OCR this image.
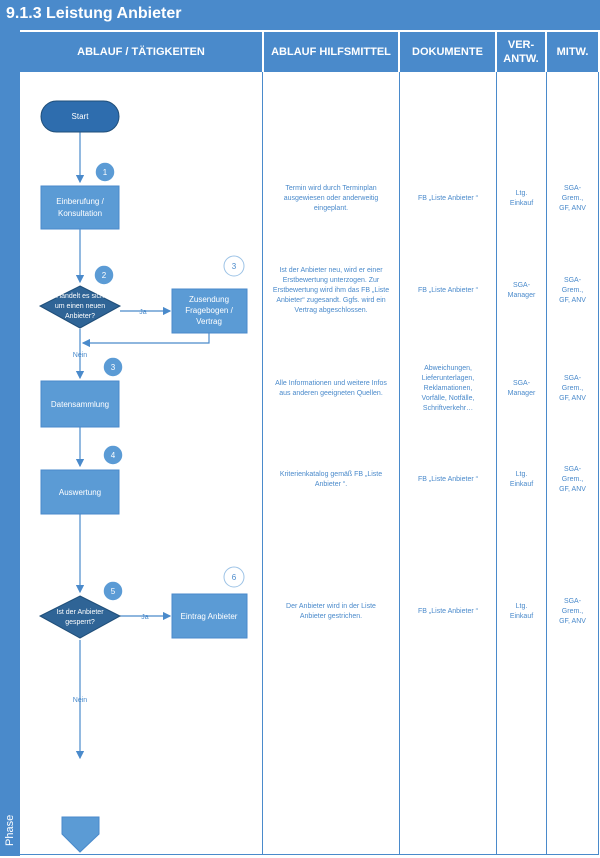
9.1.3 Leistung Anbieter
Phase
ABLAUF / TÄTIGKEITEN	ABLAUF HILFSMITTEL DOKUMENTE
VER-
ANTW.
MITW.
Start
Einberufung /
Konsultation
1
Handelt es sich
um einen neuen
Anbieter?
2
Ja
Nein
Zusendung
Fragebogen /
Vertrag
3
Datensammlung
3
Auswertung
4
Ist der Anbieter
gesperrt?
5
Ja
Nein
Eintrag Anbieter
6
Termin wird durch Terminplan
ausgewiesen oder anderweitig
eingeplant.
FB „Liste Anbieter “
Ltg.
Einkauf
SGA-
Grem.,
GF, ANV
Ist der Anbieter neu, wird er einer
Erstbewertung unterzogen. Zur
Erstbewertung wird ihm das FB „Liste
Anbieter“ zugesandt. Ggfs. wird ein
Vertrag abgeschlossen.
FB „Liste Anbieter “
SGA-
Manager
SGA-
Grem.,
GF, ANV
Alle Informationen und weitere Infos
aus anderen geeigneten Quellen.
Abweichungen,
Lieferunterlagen,
Reklamationen,
Vorfälle, Notfälle,
Schriftverkehr…
SGA-
Manager
SGA-
Grem.,
GF, ANV
Kriterienkatalog gemäß FB „Liste
Anbieter “.
FB „Liste Anbieter “
Ltg.
Einkauf
SGA-
Grem.,
GF, ANV
Der Anbieter wird in der Liste
Anbieter gestrichen.
FB „Liste Anbieter “
Ltg.
Einkauf
SGA-
Grem.,
GF, ANV
